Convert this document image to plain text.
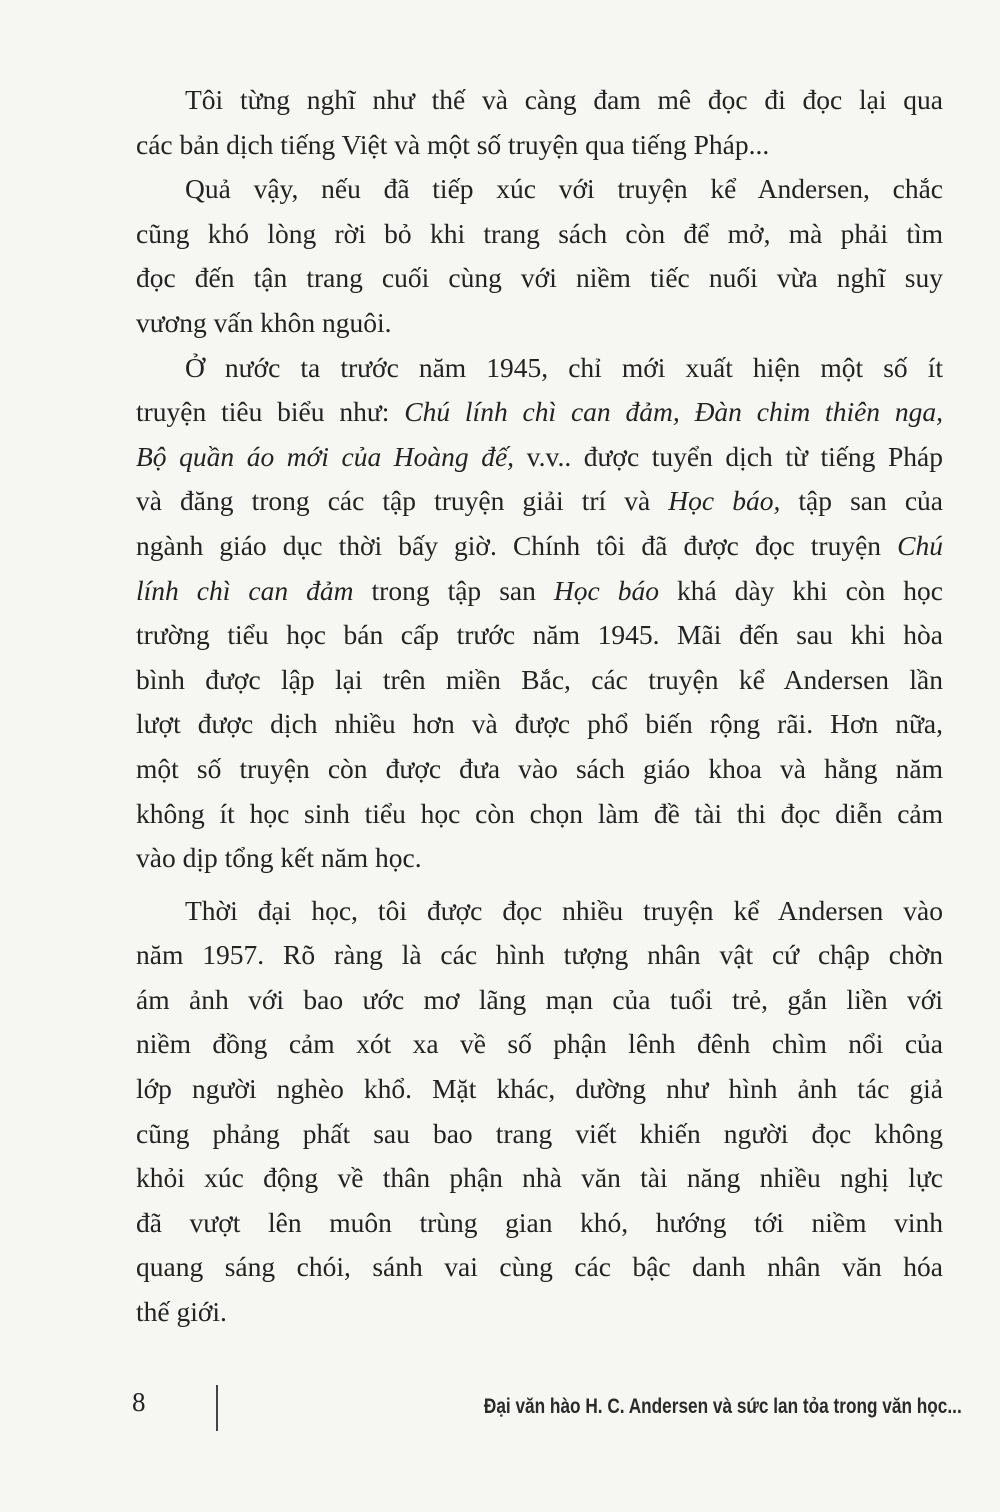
Tôi từng nghĩ như thế và càng đam mê đọc đi đọc lại qua
các bản dịch tiếng Việt và một số truyện qua tiếng Pháp...
Quả vậy, nếu đã tiếp xúc với truyện kể Andersen, chắc
cũng khó lòng rời bỏ khi trang sách còn để mở, mà phải tìm
đọc đến tận trang cuối cùng với niềm tiếc nuối vừa nghĩ suy
vương vấn khôn nguôi.
Ở nước ta trước năm 1945, chỉ mới xuất hiện một số ít
truyện tiêu biểu như: Chú lính chì can đảm, Đàn chim thiên nga,
Bộ quần áo mới của Hoàng đế, v.v.. được tuyển dịch từ tiếng Pháp
và đăng trong các tập truyện giải trí và Học báo, tập san của
ngành giáo dục thời bấy giờ. Chính tôi đã được đọc truyện Chú
lính chì can đảm trong tập san Học báo khá dày khi còn học
trường tiểu học bán cấp trước năm 1945. Mãi đến sau khi hòa
bình được lập lại trên miền Bắc, các truyện kể Andersen lần
lượt được dịch nhiều hơn và được phổ biến rộng rãi. Hơn nữa,
một số truyện còn được đưa vào sách giáo khoa và hằng năm
không ít học sinh tiểu học còn chọn làm đề tài thi đọc diễn cảm
vào dịp tổng kết năm học.
Thời đại học, tôi được đọc nhiều truyện kể Andersen vào
năm 1957. Rõ ràng là các hình tượng nhân vật cứ chập chờn
ám ảnh với bao ước mơ lãng mạn của tuổi trẻ, gắn liền với
niềm đồng cảm xót xa về số phận lênh đênh chìm nổi của
lớp người nghèo khổ. Mặt khác, dường như hình ảnh tác giả
cũng phảng phất sau bao trang viết khiến người đọc không
khỏi xúc động về thân phận nhà văn tài năng nhiều nghị lực
đã vượt lên muôn trùng gian khó, hướng tới niềm vinh
quang sáng chói, sánh vai cùng các bậc danh nhân văn hóa
thế giới.
8	Đại văn hào H. C. Andersen và sức lan tỏa trong văn học...
